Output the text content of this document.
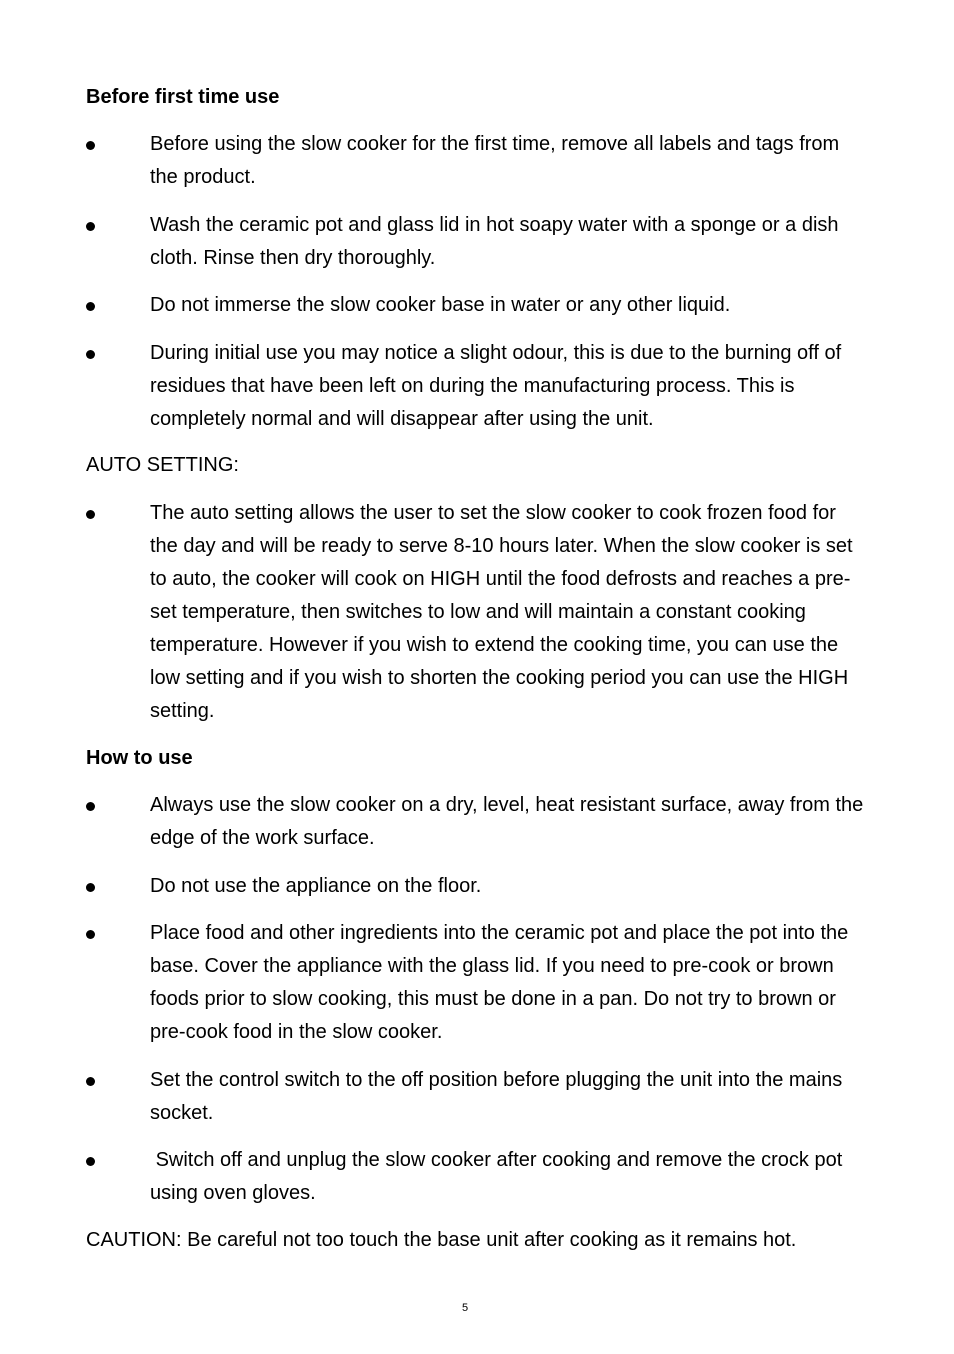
Before first time use
Before using the slow cooker for the first time, remove all labels and tags from the product.
Wash the ceramic pot and glass lid in hot soapy water with a sponge or a dish cloth. Rinse then dry thoroughly.
Do not immerse the slow cooker base in water or any other liquid.
During initial use you may notice a slight odour, this is due to the burning off of residues that have been left on during the manufacturing process. This is completely normal and will disappear after using the unit.
AUTO SETTING:
The auto setting allows the user to set the slow cooker to cook frozen food for the day and will be ready to serve 8-10 hours later. When the slow cooker is set to auto, the cooker will cook on HIGH until the food defrosts and reaches a pre-set temperature, then switches to low and will maintain a constant cooking temperature. However if you wish to extend the cooking time, you can use the low setting and if you wish to shorten the cooking period you can use the HIGH setting.
How to use
Always use the slow cooker on a dry, level, heat resistant surface, away from the edge of the work surface.
Do not use the appliance on the floor.
Place food and other ingredients into the ceramic pot and place the pot into the base. Cover the appliance with the glass lid. If you need to pre-cook or brown foods prior to slow cooking, this must be done in a pan. Do not try to brown or pre-cook food in the slow cooker.
Set the control switch to the off position before plugging the unit into the mains socket.
Switch off and unplug the slow cooker after cooking and remove the crock pot using oven gloves.
CAUTION: Be careful not too touch the base unit after cooking as it remains hot.
5
